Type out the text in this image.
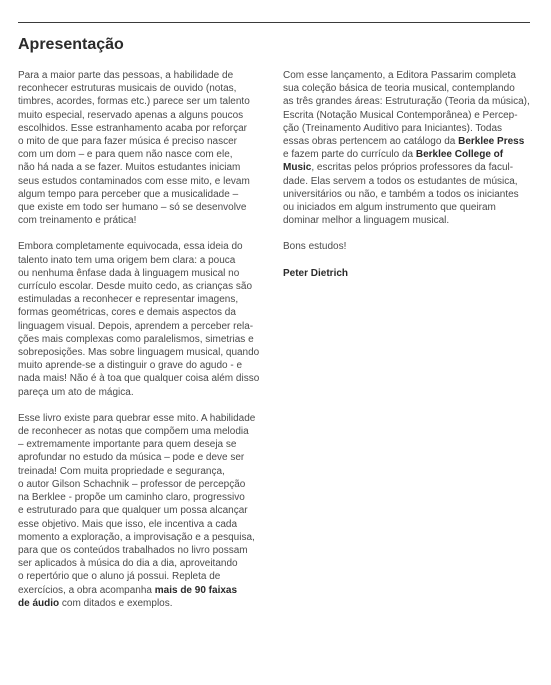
Apresentação

Para a maior parte das pessoas, a habilidade de
reconhecer estruturas musicais de ouvido (notas,
timbres, acordes, formas etc.) parece ser um talento
muito especial, reservado apenas a alguns poucos
escolhidos. Esse estranhamento acaba por reforçar
o mito de que para fazer música é preciso nascer
com um dom – e para quem não nasce com ele,
não há nada a se fazer. Muitos estudantes iniciam
seus estudos contaminados com esse mito, e levam
algum tempo para perceber que a musicalidade –
que existe em todo ser humano – só se desenvolve
com treinamento e prática!

Embora completamente equivocada, essa ideia do
talento inato tem uma origem bem clara: a pouca
ou nenhuma ênfase dada à linguagem musical no
currículo escolar. Desde muito cedo, as crianças são
estimuladas a reconhecer e representar imagens,
formas geométricas, cores e demais aspectos da
linguagem visual. Depois, aprendem a perceber rela-
ções mais complexas como paralelismos, simetrias e
sobreposições. Mas sobre linguagem musical, quando
muito aprende-se a distinguir o grave do agudo - e
nada mais! Não é à toa que qualquer coisa além disso
pareça um ato de mágica.

Esse livro existe para quebrar esse mito. A habilidade
de reconhecer as notas que compõem uma melodia
– extremamente importante para quem deseja se
aprofundar no estudo da música – pode e deve ser
treinada! Com muita propriedade e segurança,
o autor Gilson Schachnik – professor de percepção
na Berklee - propõe um caminho claro, progressivo
e estruturado para que qualquer um possa alcançar
esse objetivo. Mais que isso, ele incentiva a cada
momento a exploração, a improvisação e a pesquisa,
para que os conteúdos trabalhados no livro possam
ser aplicados à música do dia a dia, aproveitando
o repertório que o aluno já possui. Repleta de
exercícios, a obra acompanha mais de 90 faixas
de áudio com ditados e exemplos.

Com esse lançamento, a Editora Passarim completa
sua coleção básica de teoria musical, contemplando
as três grandes áreas: Estruturação (Teoria da música),
Escrita (Notação Musical Contemporânea) e Percep-
ção (Treinamento Auditivo para Iniciantes). Todas
essas obras pertencem ao catálogo da Berklee Press
e fazem parte do currículo da Berklee College of
Music, escritas pelos próprios professores da facul-
dade. Elas servem a todos os estudantes de música,
universitários ou não, e também a todos os iniciantes
ou iniciados em algum instrumento que queiram
dominar melhor a linguagem musical.

Bons estudos!

Peter Dietrich
